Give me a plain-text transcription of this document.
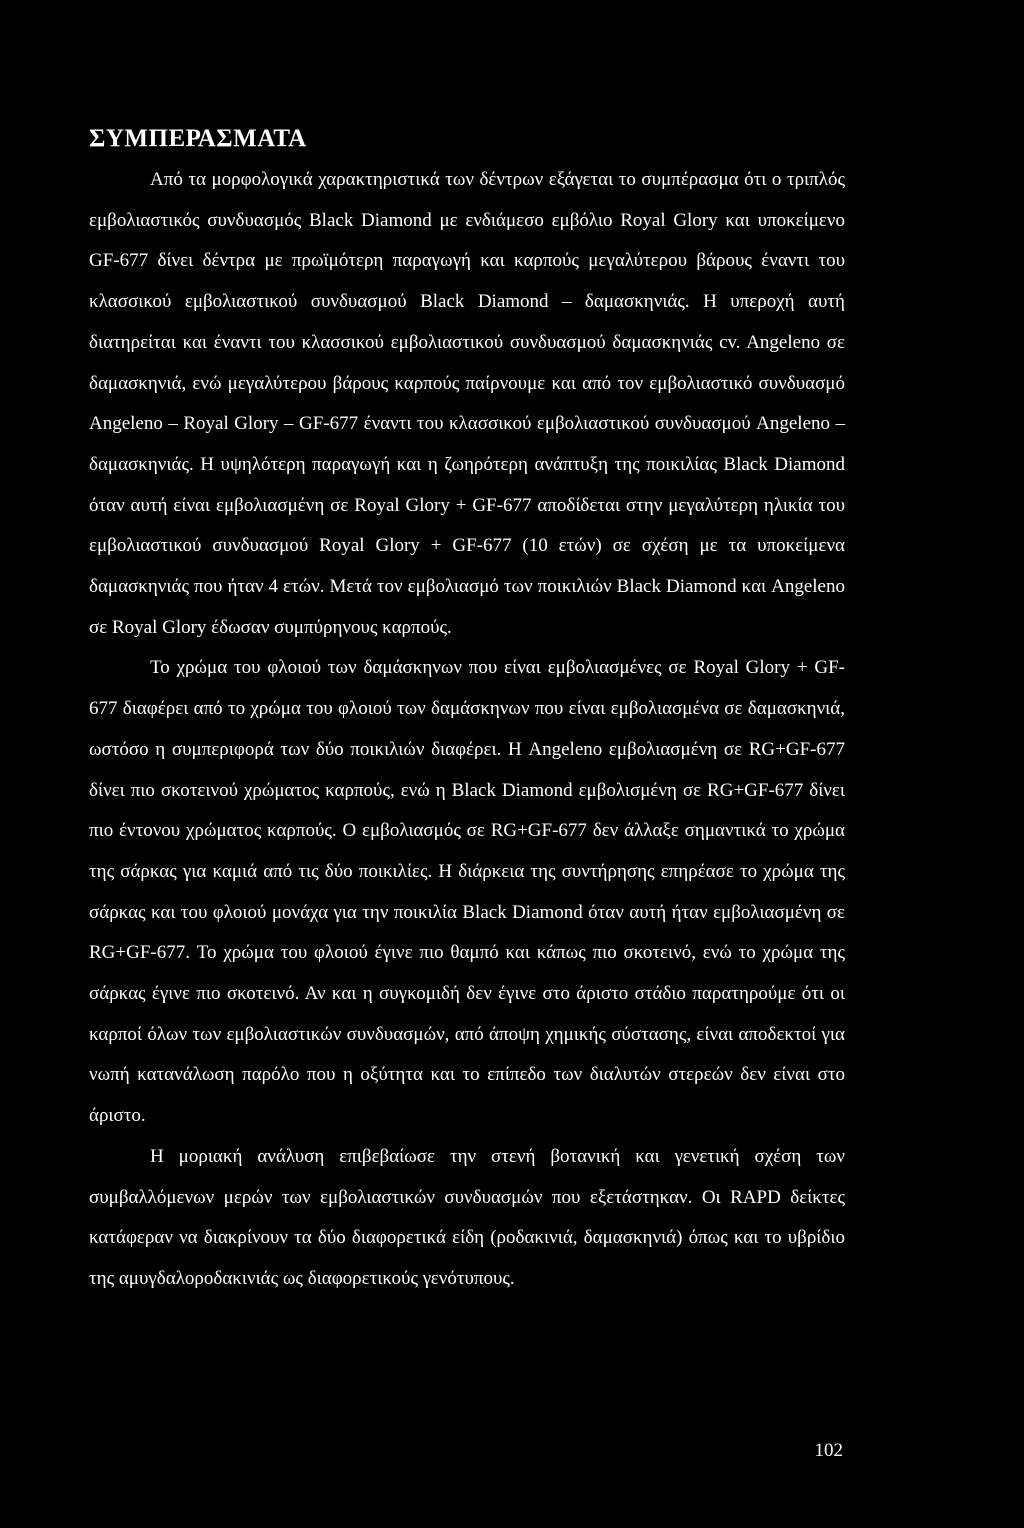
ΣΥΜΠΕΡΑΣΜΑΤΑ

Από τα μορφολογικά χαρακτηριστικά των δέντρων εξάγεται το συμπέρασμα ότι ο τριπλός εμβολιαστικός συνδυασμός Black Diamond με ενδιάμεσο εμβόλιο Royal Glory και υποκείμενο GF-677 δίνει δέντρα με πρωϊμότερη παραγωγή και καρπούς μεγαλύτερου βάρους έναντι του κλασσικού εμβολιαστικού συνδυασμού Black Diamond – δαμασκηνιάς. Η υπεροχή αυτή διατηρείται και έναντι του κλασσικού εμβολιαστικού συνδυασμού δαμασκηνιάς cv. Angeleno σε δαμασκηνιά, ενώ μεγαλύτερου βάρους καρπούς παίρνουμε και από τον εμβολιαστικό συνδυασμό Angeleno – Royal Glory – GF-677 έναντι του κλασσικού εμβολιαστικού συνδυασμού Angeleno – δαμασκηνιάς. Η υψηλότερη παραγωγή και η ζωηρότερη ανάπτυξη της ποικιλίας Black Diamond όταν αυτή είναι εμβολιασμένη σε Royal Glory + GF-677 αποδίδεται στην μεγαλύτερη ηλικία του εμβολιαστικού συνδυασμού Royal Glory + GF-677 (10 ετών) σε σχέση με τα υποκείμενα δαμασκηνιάς που ήταν 4 ετών. Μετά τον εμβολιασμό των ποικιλιών Black Diamond και Angeleno σε Royal Glory έδωσαν συμπύρηνους καρπούς.

Το χρώμα του φλοιού των δαμάσκηνων που είναι εμβολιασμένες σε Royal Glory + GF-677 διαφέρει από το χρώμα του φλοιού των δαμάσκηνων που είναι εμβολιασμένα σε δαμασκηνιά, ωστόσο η συμπεριφορά των δύο ποικιλιών διαφέρει. Η Angeleno εμβολιασμένη σε RG+GF-677 δίνει πιο σκοτεινού χρώματος καρπούς, ενώ η Black Diamond εμβολισμένη σε RG+GF-677 δίνει πιο έντονου χρώματος καρπούς. Ο εμβολιασμός σε RG+GF-677 δεν άλλαξε σημαντικά το χρώμα της σάρκας για καμιά από τις δύο ποικιλίες. Η διάρκεια της συντήρησης επηρέασε το χρώμα της σάρκας και του φλοιού μονάχα για την ποικιλία Black Diamond όταν αυτή ήταν εμβολιασμένη σε RG+GF-677. Το χρώμα του φλοιού έγινε πιο θαμπό και κάπως πιο σκοτεινό, ενώ το χρώμα της σάρκας έγινε πιο σκοτεινό. Αν και η συγκομιδή δεν έγινε στο άριστο στάδιο παρατηρούμε ότι οι καρποί όλων των εμβολιαστικών συνδυασμών, από άποψη χημικής σύστασης, είναι αποδεκτοί για νωπή κατανάλωση παρόλο που η οξύτητα και το επίπεδο των διαλυτών στερεών δεν είναι στο άριστο.

Η μοριακή ανάλυση επιβεβαίωσε την στενή βοτανική και γενετική σχέση των συμβαλλόμενων μερών των εμβολιαστικών συνδυασμών που εξετάστηκαν. Οι RAPD δείκτες κατάφεραν να διακρίνουν τα δύο διαφορετικά είδη (ροδακινιά, δαμασκηνιά) όπως και το υβρίδιο της αμυγδαλοροδακινιάς ως διαφορετικούς γενότυπους.

102
